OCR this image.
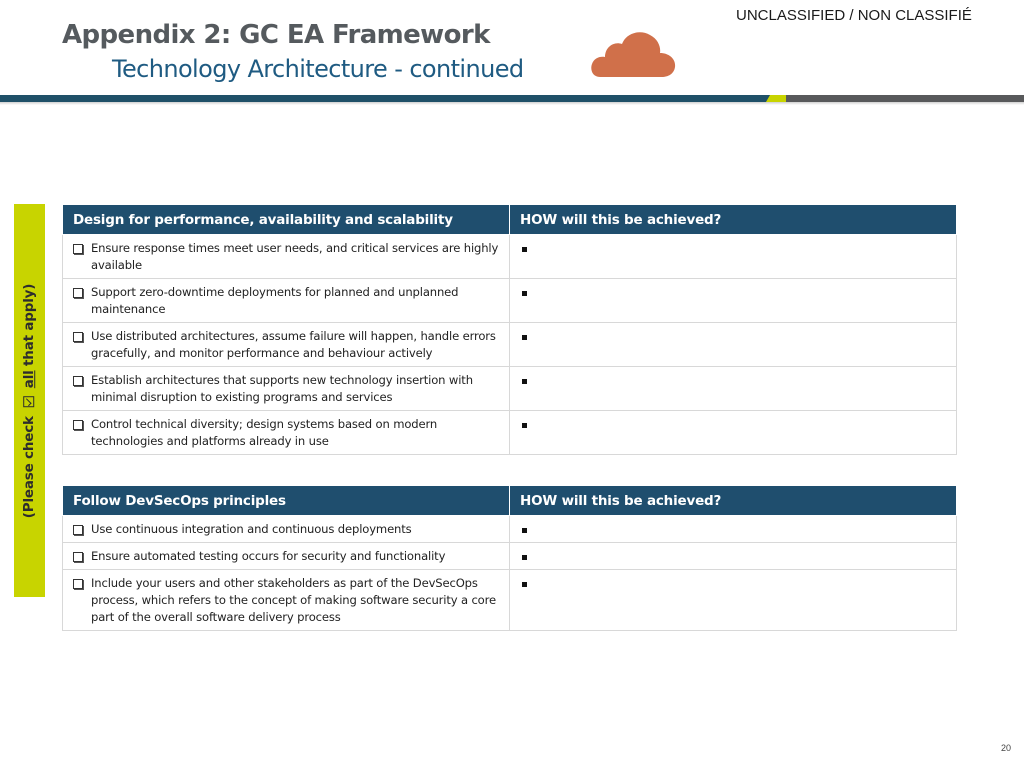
UNCLASSIFIED / NON CLASSIFIÉ
Appendix 2: GC EA Framework
Technology Architecture - continued
(Please check  all that apply)
Design for performance, availability and scalability	HOW will this be achieved?

Ensure response times meet user needs, and critical services are highly available	

Support zero-downtime deployments for planned and unplanned maintenance	

Use distributed architectures, assume failure will happen, handle errors gracefully, and monitor performance and behaviour actively	

Establish architectures that supports new technology insertion with minimal disruption to existing programs and services	

Control technical diversity; design systems based on modern technologies and platforms already in use	

Follow DevSecOps principles	HOW will this be achieved?

Use continuous integration and continuous deployments	

Ensure automated testing occurs for security and functionality	

Include your users and other stakeholders as part of the DevSecOps process, which refers to the concept of making software security a core part of the overall software delivery process	

20
